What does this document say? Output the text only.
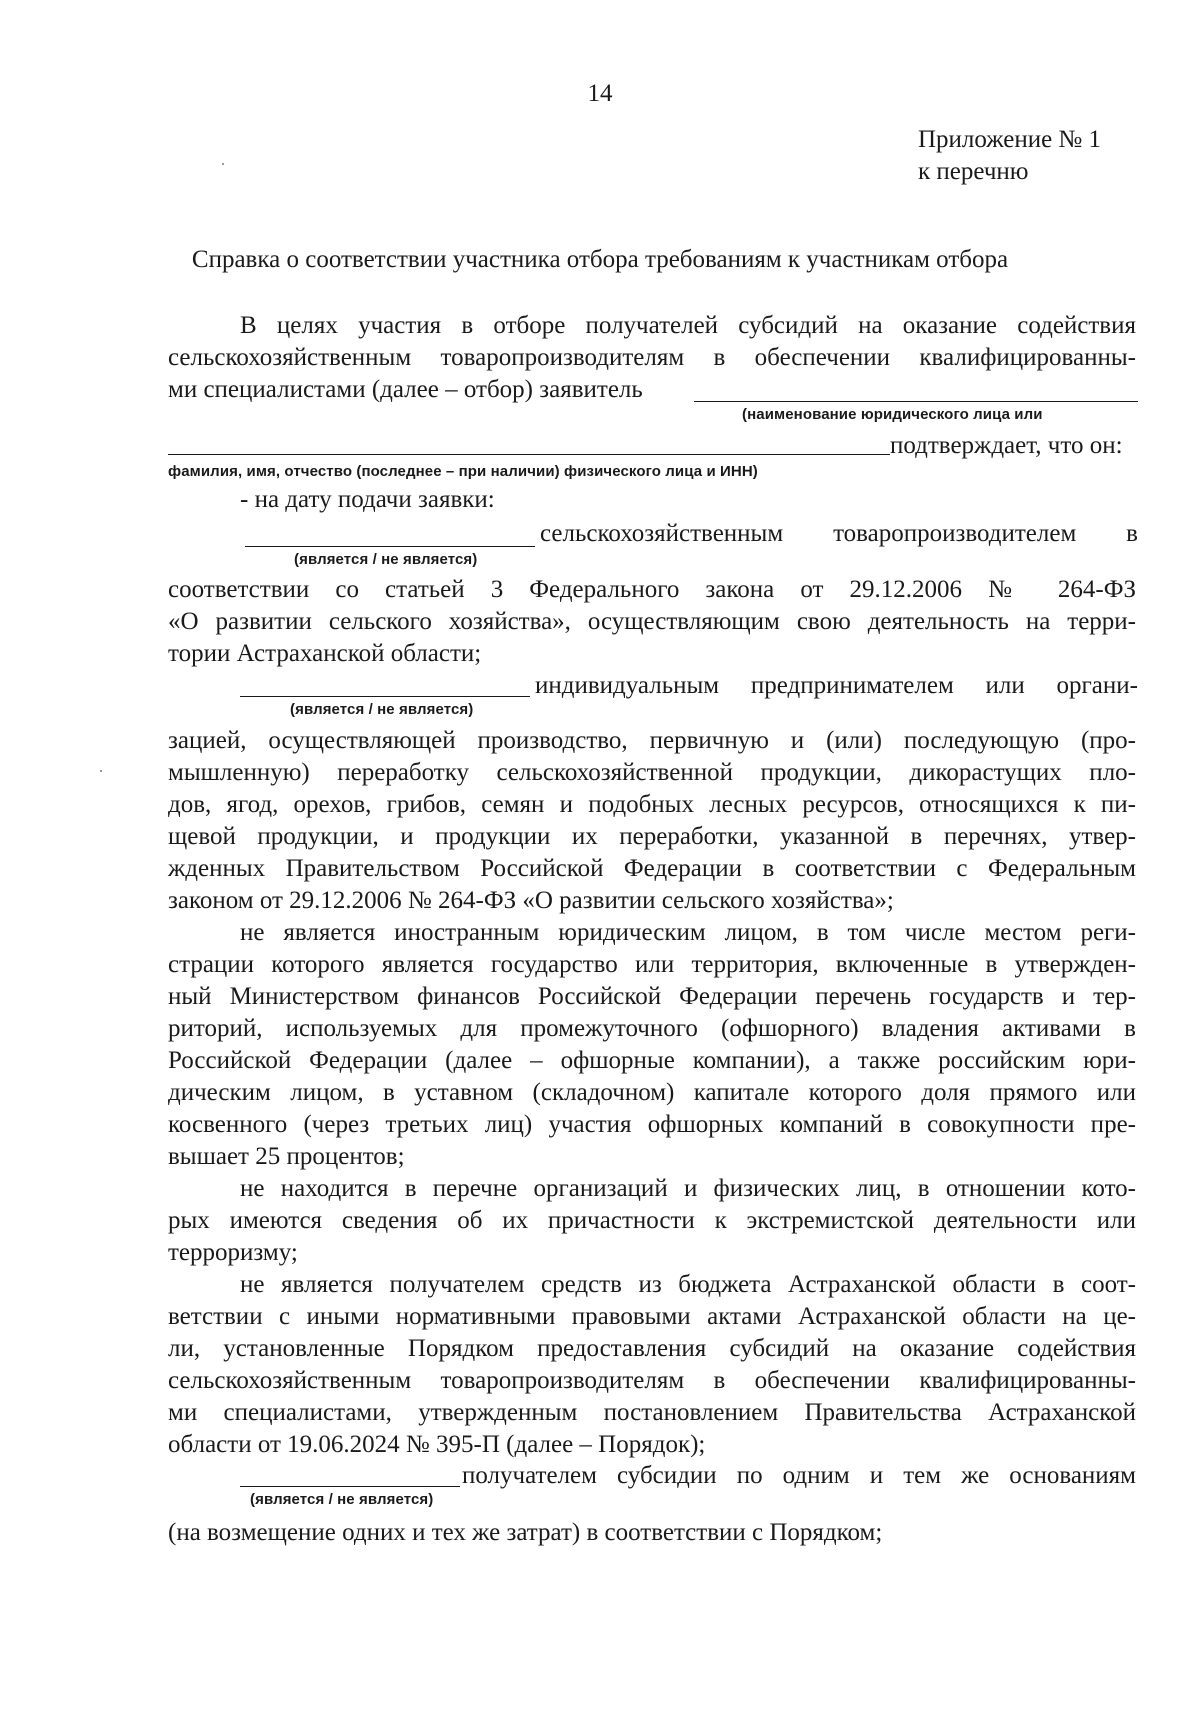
14
Приложение № 1
к перечню
Справка о соответствии участника отбора требованиям к участникам отбора
В целях участия в отборе получателей субсидий на оказание содействия
сельскохозяйственным товаропроизводителям в обеспечении квалифицированны-
ми специалистами (далее – отбор) заявитель
(наименование юридического лица или
подтверждает, что он:
фамилия, имя, отчество (последнее – при наличии) физического лица и ИНН)
- на дату подачи заявки:
сельскохозяйственным товаропроизводителем в
(является / не является)
соответствии со статьей 3 Федерального закона от 29.12.2006 № 264-ФЗ
«О развитии сельского хозяйства», осуществляющим свою деятельность на терри-
тории Астраханской области;
индивидуальным предпринимателем или органи-
(является / не является)
зацией, осуществляющей производство, первичную и (или) последующую (про-
мышленную) переработку сельскохозяйственной продукции, дикорастущих пло-
дов, ягод, орехов, грибов, семян и подобных лесных ресурсов, относящихся к пи-
щевой продукции, и продукции их переработки, указанной в перечнях, утвер-
жденных Правительством Российской Федерации в соответствии с Федеральным
законом от 29.12.2006 № 264-ФЗ «О развитии сельского хозяйства»;
не является иностранным юридическим лицом, в том числе местом реги-
страции которого является государство или территория, включенные в утвержден-
ный Министерством финансов Российской Федерации перечень государств и тер-
риторий, используемых для промежуточного (офшорного) владения активами в
Российской Федерации (далее – офшорные компании), а также российским юри-
дическим лицом, в уставном (складочном) капитале которого доля прямого или
косвенного (через третьих лиц) участия офшорных компаний в совокупности пре-
вышает 25 процентов;
не находится в перечне организаций и физических лиц, в отношении кото-
рых имеются сведения об их причастности к экстремистской деятельности или
терроризму;
не является получателем средств из бюджета Астраханской области в соот-
ветствии с иными нормативными правовыми актами Астраханской области на це-
ли, установленные Порядком предоставления субсидий на оказание содействия
сельскохозяйственным товаропроизводителям в обеспечении квалифицированны-
ми специалистами, утвержденным постановлением Правительства Астраханской
области от 19.06.2024 № 395-П (далее – Порядок);
получателем субсидии по одним и тем же основаниям
(является / не является)
(на возмещение одних и тех же затрат) в соответствии с Порядком;
